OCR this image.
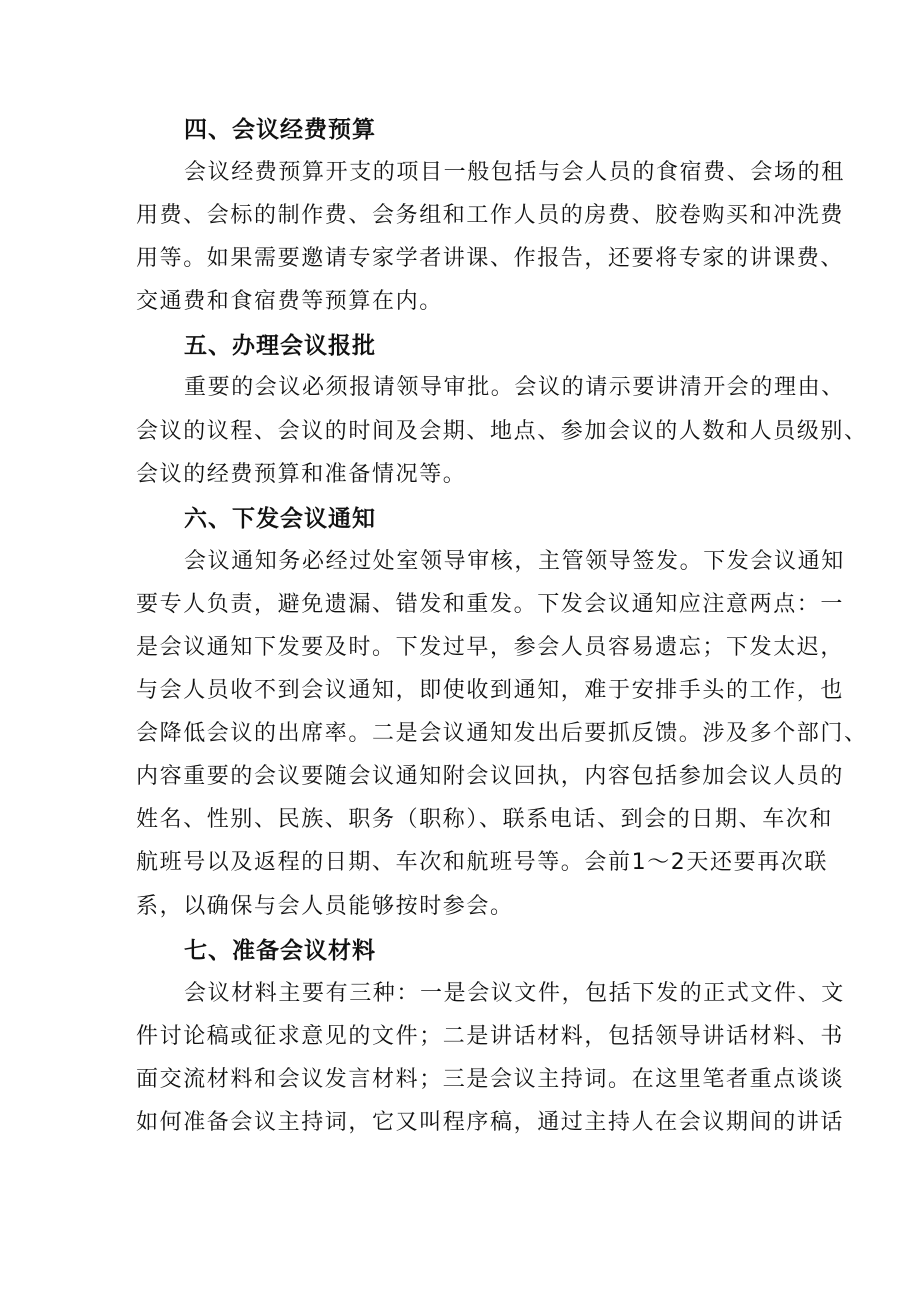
四、会议经费预算
会议经费预算开支的项目一般包括与会人员的食宿费、会场的租
用费、会标的制作费、会务组和工作人员的房费、胶卷购买和冲洗费
用等。如果需要邀请专家学者讲课、作报告，还要将专家的讲课费、
交通费和食宿费等预算在内。
五、办理会议报批
重要的会议必须报请领导审批。会议的请示要讲清开会的理由、
会议的议程、会议的时间及会期、地点、参加会议的人数和人员级别、
会议的经费预算和准备情况等。
六、下发会议通知
会议通知务必经过处室领导审核，主管领导签发。下发会议通知
要专人负责，避免遗漏、错发和重发。下发会议通知应注意两点：一
是会议通知下发要及时。下发过早，参会人员容易遗忘；下发太迟，
与会人员收不到会议通知，即使收到通知，难于安排手头的工作，也
会降低会议的出席率。二是会议通知发出后要抓反馈。涉及多个部门、
内容重要的会议要随会议通知附会议回执，内容包括参加会议人员的
姓名、性别、民族、职务（职称）、联系电话、到会的日期、车次和
航班号以及返程的日期、车次和航班号等。会前1～2天还要再次联
系，以确保与会人员能够按时参会。
七、准备会议材料
会议材料主要有三种：一是会议文件，包括下发的正式文件、文
件讨论稿或征求意见的文件；二是讲话材料，包括领导讲话材料、书
面交流材料和会议发言材料；三是会议主持词。在这里笔者重点谈谈
如何准备会议主持词，它又叫程序稿，通过主持人在会议期间的讲话
